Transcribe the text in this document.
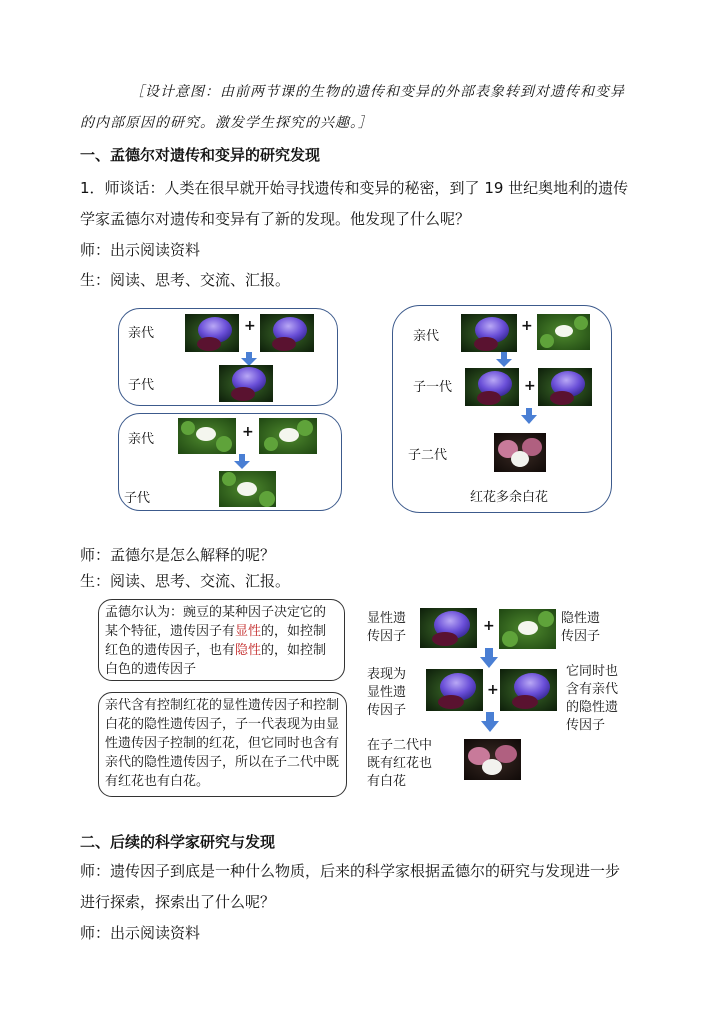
［设计意图：由前两节课的生物的遗传和变异的外部表象转到对遗传和变异
的内部原因的研究。激发学生探究的兴趣。］
一、孟德尔对遗传和变异的研究发现
1．师谈话：人类在很早就开始寻找遗传和变异的秘密，到了 19 世纪奥地利的遗传
学家孟德尔对遗传和变异有了新的发现。他发现了什么呢？
师：出示阅读资料
生：阅读、思考、交流、汇报。
亲代
子代
+
亲代
子代
+
亲代
子一代
子二代
+
+
红花多余白花
师：孟德尔是怎么解释的呢？
生：阅读、思考、交流、汇报。
孟德尔认为：豌豆的某种因子决定它的某个特征，遗传因子有显性的，如控制红色的遗传因子，也有隐性的，如控制白色的遗传因子
亲代含有控制红花的显性遗传因子和控制白花的隐性遗传因子，子一代表现为由显性遗传因子控制的红花，但它同时也含有亲代的隐性遗传因子，所以在子二代中既有红花也有白花。
显性遗传因子
+	隐性遗传因子
表现为显性遗传因子
+
它同时也含有亲代的隐性遗传因子
在子二代中既有红花也有白花
二、后续的科学家研究与发现
师：遗传因子到底是一种什么物质，后来的科学家根据孟德尔的研究与发现进一步
进行探索，探索出了什么呢？
师：出示阅读资料
